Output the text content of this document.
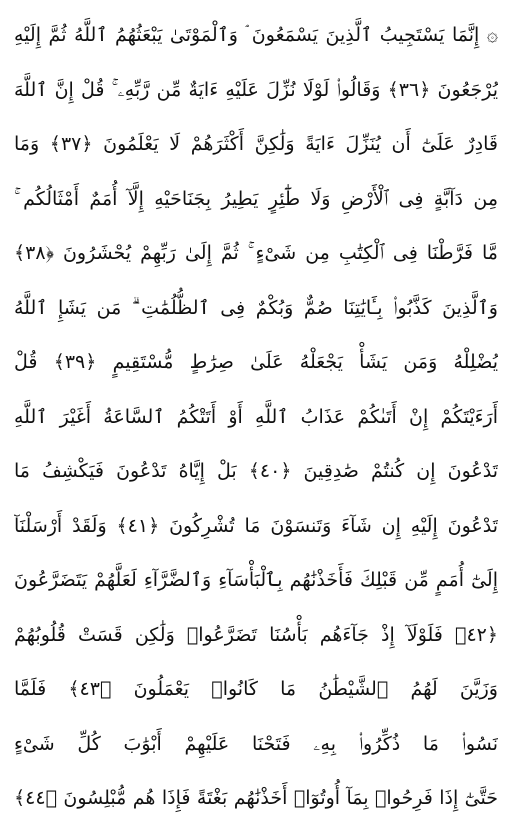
۞ إِنَّمَا يَسْتَجِيبُ ٱلَّذِينَ يَسْمَعُونَ ۘ وَٱلْمَوْتَىٰ يَبْعَثُهُمُ ٱللَّهُ ثُمَّ إِلَيْهِ
يُرْجَعُونَ ﴿٣٦﴾ وَقَالُوا۟ لَوْلَا نُزِّلَ عَلَيْهِ ءَايَةٌ مِّن رَّبِّهِۦ ۚ قُلْ إِنَّ ٱللَّهَ
قَادِرٌ عَلَىٰٓ أَن يُنَزِّلَ ءَايَةً وَلَٰكِنَّ أَكْثَرَهُمْ لَا يَعْلَمُونَ ﴿٣٧﴾ وَمَا
مِن دَآبَّةٍ فِى ٱلْأَرْضِ وَلَا طَٰٓئِرٍ يَطِيرُ بِجَنَاحَيْهِ إِلَّآ أُمَمٌ أَمْثَالُكُم ۚ
مَّا فَرَّطْنَا فِى ٱلْكِتَٰبِ مِن شَىْءٍ ۚ ثُمَّ إِلَىٰ رَبِّهِمْ يُحْشَرُونَ ﴿٣٨﴾
وَٱلَّذِينَ كَذَّبُوا۟ بِـَٔايَٰتِنَا صُمٌّ وَبُكْمٌ فِى ٱلظُّلُمَٰتِ ۗ مَن يَشَإِ ٱللَّهُ
يُضْلِلْهُ وَمَن يَشَأْ يَجْعَلْهُ عَلَىٰ صِرَٰطٍ مُّسْتَقِيمٍ ﴿٣٩﴾ قُلْ
أَرَءَيْتَكُمْ إِنْ أَتَىٰكُمْ عَذَابُ ٱللَّهِ أَوْ أَتَتْكُمُ ٱلسَّاعَةُ أَغَيْرَ ٱللَّهِ
تَدْعُونَ إِن كُنتُمْ صَٰدِقِينَ ﴿٤٠﴾ بَلْ إِيَّاهُ تَدْعُونَ فَيَكْشِفُ مَا
تَدْعُونَ إِلَيْهِ إِن شَآءَ وَتَنسَوْنَ مَا تُشْرِكُونَ ﴿٤١﴾ وَلَقَدْ أَرْسَلْنَآ
إِلَىٰٓ أُمَمٍ مِّن قَبْلِكَ فَأَخَذْنَٰهُم بِٱلْبَأْسَآءِ وَٱلضَّرَّآءِ لَعَلَّهُمْ يَتَضَرَّعُونَ
﴿٤٢﴾ فَلَوْلَآ إِذْ جَآءَهُم بَأْسُنَا تَضَرَّعُوا۟ وَلَٰكِن قَسَتْ قُلُوبُهُمْ
وَزَيَّنَ لَهُمُ ٱلشَّيْطَٰنُ مَا كَانُوا۟ يَعْمَلُونَ ﴿٤٣﴾ فَلَمَّا
نَسُوا۟ مَا ذُكِّرُوا۟ بِهِۦ فَتَحْنَا عَلَيْهِمْ أَبْوَٰبَ كُلِّ شَىْءٍ
حَتَّىٰٓ إِذَا فَرِحُوا۟ بِمَآ أُوتُوٓا۟ أَخَذْنَٰهُم بَغْتَةً فَإِذَا هُم مُّبْلِسُونَ ﴿٤٤﴾
